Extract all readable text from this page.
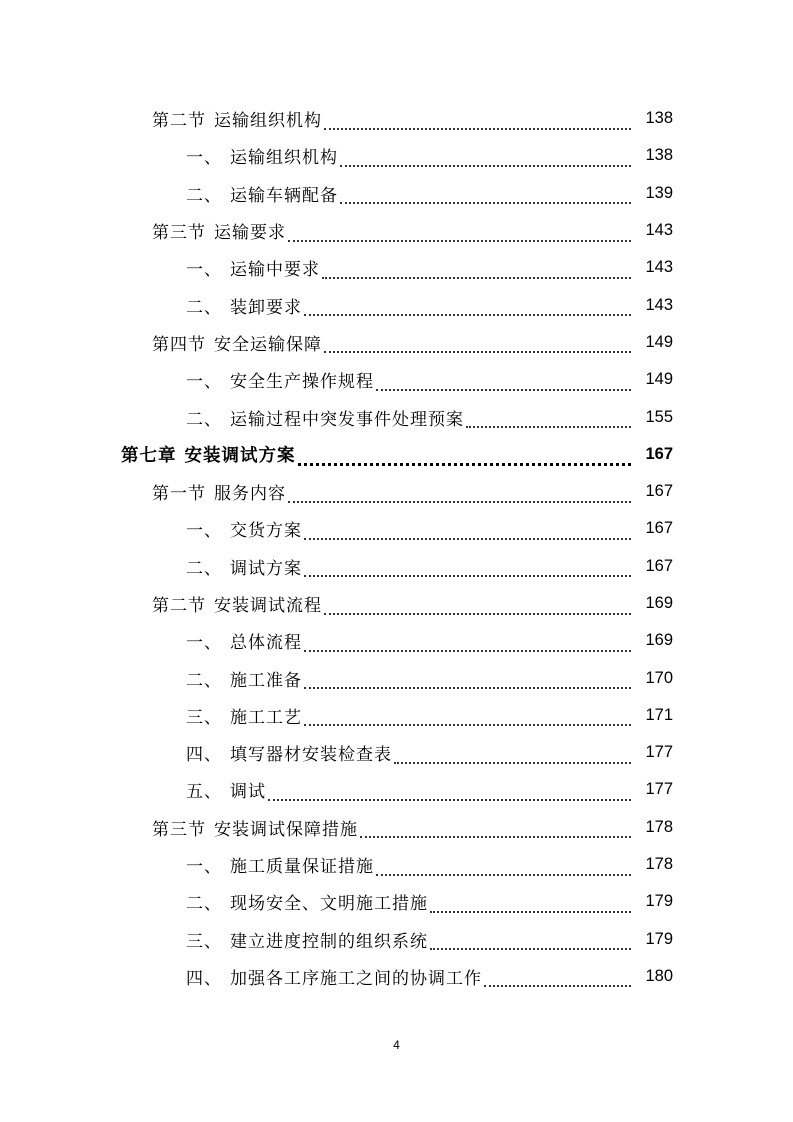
第二节 运输组织机构	138
一、 运输组织机构	138
二、 运输车辆配备	139
第三节 运输要求	143
一、 运输中要求	143
二、 装卸要求	143
第四节 安全运输保障	149
一、 安全生产操作规程	149
二、 运输过程中突发事件处理预案	155
第七章 安装调试方案	167
第一节 服务内容	167
一、 交货方案	167
二、 调试方案	167
第二节 安装调试流程	169
一、 总体流程	169
二、 施工准备	170
三、 施工工艺	171
四、 填写器材安装检查表	177
五、 调试	177
第三节 安装调试保障措施	178
一、 施工质量保证措施	178
二、 现场安全、文明施工措施	179
三、 建立进度控制的组织系统	179
四、 加强各工序施工之间的协调工作	180
4
